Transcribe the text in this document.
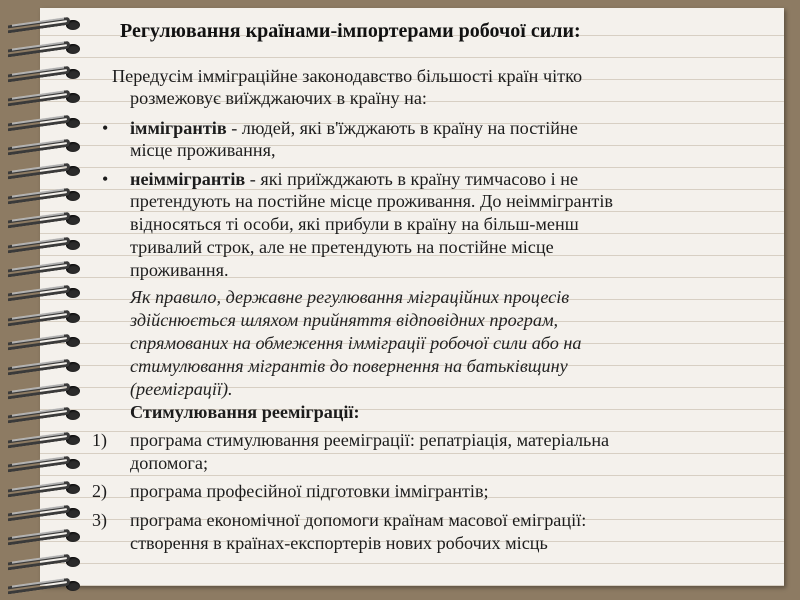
Регулювання країнами-імпортерами робочої сили:
Передусім імміграційне законодавство більшості країн чітко
розмежовує виїжджаючих в країну на:
• іммігрантів - людей, які в'їжджають в країну на постійне
місце проживання,
• неіммігрантів - які приїжджають в країну тимчасово і не
претендують на постійне місце проживання. До неіммігрантів
відносяться ті особи, які прибули в країну на більш-менш
тривалий строк, але не претендують на постійне місце
проживання.
Як правило, державне регулювання міграційних процесів
здійснюється шляхом прийняття відповідних програм,
спрямованих на обмеження імміграції робочої сили або на
стимулювання мігрантів до повернення на батьківщину
(рееміграції).
Стимулювання рееміграції:
1) програма стимулювання рееміграції: репатріація, матеріальна
допомога;
2) програма професійної підготовки іммігрантів;
3) програма економічної допомоги країнам масової еміграції:
створення в країнах-експортерів нових робочих місць
